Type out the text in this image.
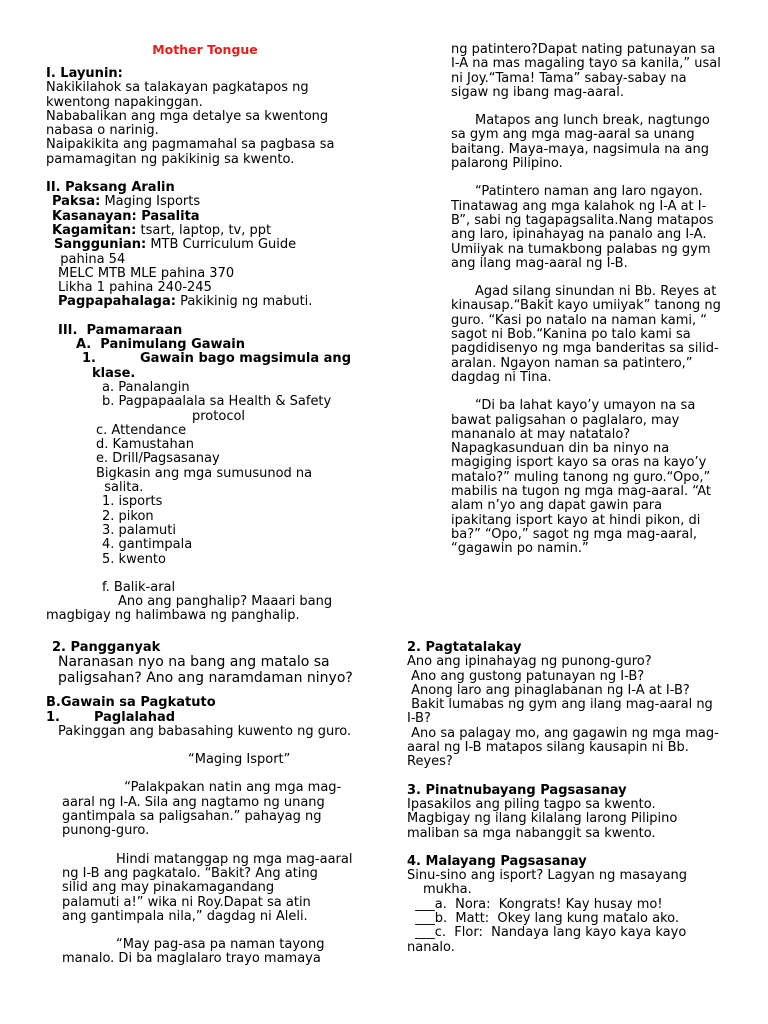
Mother Tongue
I. Layunin:
Nakikilahok sa talakayan pagkatapos ng
kwentong napakinggan.
Nababalikan ang mga detalye sa kwentong
nabasa o narinig.
Naipakikita ang pagmamahal sa pagbasa sa
pamamagitan ng pakikinig sa kwento.
II. Paksang Aralin
Paksa: Maging Isports
Kasanayan: Pasalita
Kagamitan: tsart, laptop, tv, ppt
Sanggunian: MTB Curriculum Guide
pahina 54
MELC MTB MLE pahina 370
Likha 1 pahina 240-245
Pagpapahalaga: Pakikinig ng mabuti.
III.  Pamamaraan
A.  Panimulang Gawain
1.	Gawain bago magsimula ang
klase.
a. Panalangin
b. Pagpapaalala sa Health & Safety
protocol
c. Attendance
d. Kamustahan
e. Drill/Pagsasanay
Bigkasin ang mga sumusunod na
salita.
1. isports
2. pikon
3. palamuti
4. gantimpala
5. kwento
f. Balik-aral
Ano ang panghalip? Maaari bang
magbigay ng halimbawa ng panghalip.
2. Pangganyak
Naranasan nyo na bang ang matalo sa
paligsahan? Ano ang naramdaman ninyo?
B.Gawain sa Pagkatuto
1.	Paglalahad
Pakinggan ang babasahing kuwento ng guro.
“Maging Isport”
“Palakpakan natin ang mga mag-
aaral ng I-A. Sila ang nagtamo ng unang
gantimpala sa paligsahan.” pahayag ng
punong-guro.
Hindi matanggap ng mga mag-aaral
ng I-B ang pagkatalo. “Bakit? Ang ating
silid ang may pinakamagandang
palamuti a!” wika ni Roy.Dapat sa atin
ang gantimpala nila,” dagdag ni Aleli.
“May pag-asa pa naman tayong
manalo. Di ba maglalaro trayo mamaya
ng patintero?Dapat nating patunayan sa
I-A na mas magaling tayo sa kanila,” usal
ni Joy.“Tama! Tama” sabay-sabay na
sigaw ng ibang mag-aaral.
Matapos ang lunch break, nagtungo
sa gym ang mga mag-aaral sa unang
baitang. Maya-maya, nagsimula na ang
palarong Pilipino.
“Patintero naman ang laro ngayon.
Tinatawag ang mga kalahok ng I-A at I-
B”, sabi ng tagapagsalita.Nang matapos
ang laro, ipinahayag na panalo ang I-A.
Umiiyak na tumakbong palabas ng gym
ang ilang mag-aaral ng I-B.
Agad silang sinundan ni Bb. Reyes at
kinausap.“Bakit kayo umiiyak” tanong ng
guro. “Kasi po natalo na naman kami, “
sagot ni Bob.“Kanina po talo kami sa
pagdidisenyo ng mga banderitas sa silid-
aralan. Ngayon naman sa patintero,”
dagdag ni Tina.
“Di ba lahat kayo’y umayon na sa
bawat paligsahan o paglalaro, may
mananalo at may natatalo?
Napagkasunduan din ba ninyo na
magiging isport kayo sa oras na kayo’y
matalo?” muling tanong ng guro.“Opo,”
mabilis na tugon ng mga mag-aaral. “At
alam n’yo ang dapat gawin para
ipakitang isport kayo at hindi pikon, di
ba?” “Opo,” sagot ng mga mag-aaral,
“gagawin po namin.”
2. Pagtatalakay
Ano ang ipinahayag ng punong-guro?
Ano ang gustong patunayan ng I-B?
Anong laro ang pinaglabanan ng I-A at I-B?
Bakit lumabas ng gym ang ilang mag-aaral ng
I-B?
Ano sa palagay mo, ang gagawin ng mga mag-
aaral ng I-B matapos silang kausapin ni Bb.
Reyes?
3. Pinatnubayang Pagsasanay
Ipasakilos ang piling tagpo sa kwento.
Magbigay ng ilang kilalang larong Pilipino
maliban sa mga nabanggit sa kwento.
4. Malayang Pagsasanay
Sinu-sino ang isport? Lagyan ng masayang
mukha.
___a.  Nora:  Kongrats! Kay husay mo!
___b.  Matt:  Okey lang kung matalo ako.
___c.  Flor:  Nandaya lang kayo kaya kayo
nanalo.
